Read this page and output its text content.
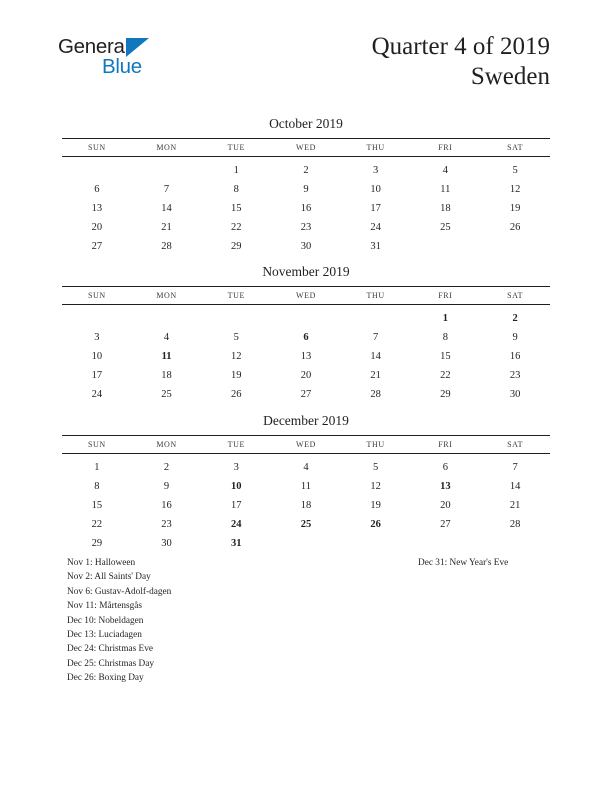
General
Blue
Quarter 4 of 2019
Sweden
October 2019
SUN	MON	TUE	WED	THU	FRI	SAT
		1	2	3	4	5
6	7	8	9	10	11	12
13	14	15	16	17	18	19
20	21	22	23	24	25	26
27	28	29	30	31		
November 2019
SUN	MON	TUE	WED	THU	FRI	SAT
					1	2
3	4	5	6	7	8	9
10	11	12	13	14	15	16
17	18	19	20	21	22	23
24	25	26	27	28	29	30
December 2019
SUN	MON	TUE	WED	THU	FRI	SAT
1	2	3	4	5	6	7
8	9	10	11	12	13	14
15	16	17	18	19	20	21
22	23	24	25	26	27	28
29	30	31				
Nov 1: Halloween
Nov 2: All Saints' Day
Nov 6: Gustav-Adolf-dagen
Nov 11: Mårtensgås
Dec 10: Nobeldagen
Dec 13: Luciadagen
Dec 24: Christmas Eve
Dec 25: Christmas Day
Dec 26: Boxing Day
Dec 31: New Year's Eve
